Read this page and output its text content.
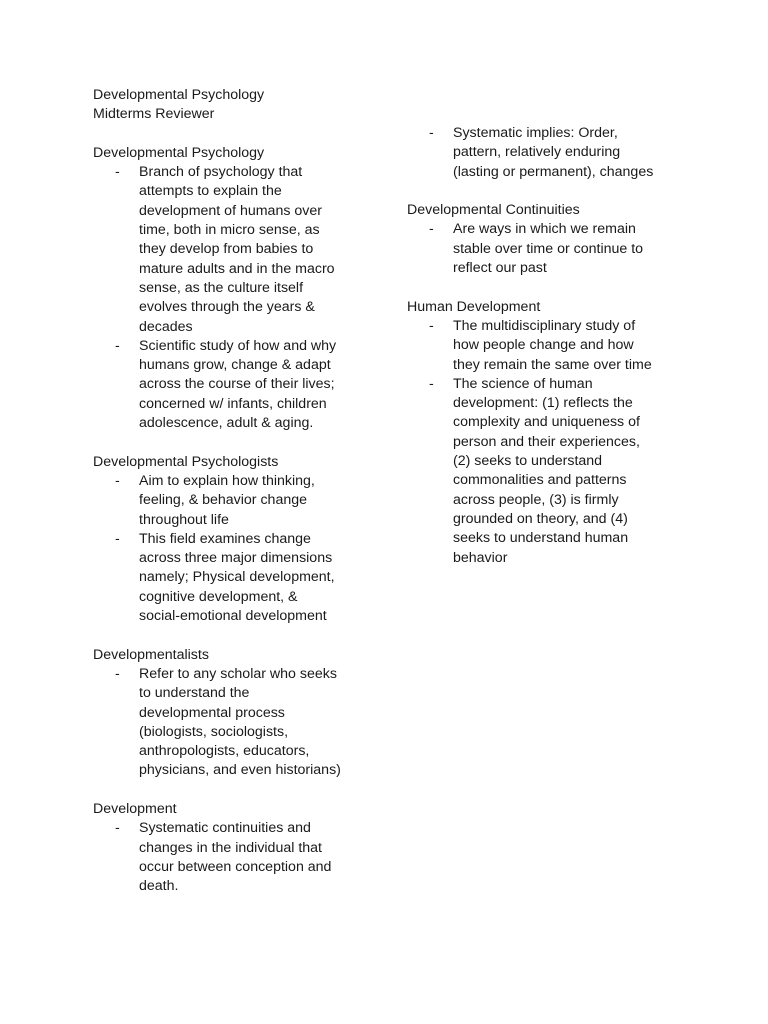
Developmental Psychology
Midterms Reviewer
Developmental Psychology
- Branch of psychology that
attempts to explain the
development of humans over
time, both in micro sense, as
they develop from babies to
mature adults and in the macro
sense, as the culture itself
evolves through the years &
decades
- Scientific study of how and why
humans grow, change & adapt
across the course of their lives;
concerned w/ infants, children
adolescence, adult & aging.
Developmental Psychologists
- Aim to explain how thinking,
feeling, & behavior change
throughout life
- This field examines change
across three major dimensions
namely; Physical development,
cognitive development, &
social-emotional development
Developmentalists
- Refer to any scholar who seeks
to understand the
developmental process
(biologists, sociologists,
anthropologists, educators,
physicians, and even historians)
Development
- Systematic continuities and
changes in the individual that
occur between conception and
death.
- Systematic implies: Order,
pattern, relatively enduring
(lasting or permanent), changes
Developmental Continuities
- Are ways in which we remain
stable over time or continue to
reflect our past
Human Development
- The multidisciplinary study of
how people change and how
they remain the same over time
- The science of human
development: (1) reflects the
complexity and uniqueness of
person and their experiences,
(2) seeks to understand
commonalities and patterns
across people, (3) is firmly
grounded on theory, and (4)
seeks to understand human
behavior
